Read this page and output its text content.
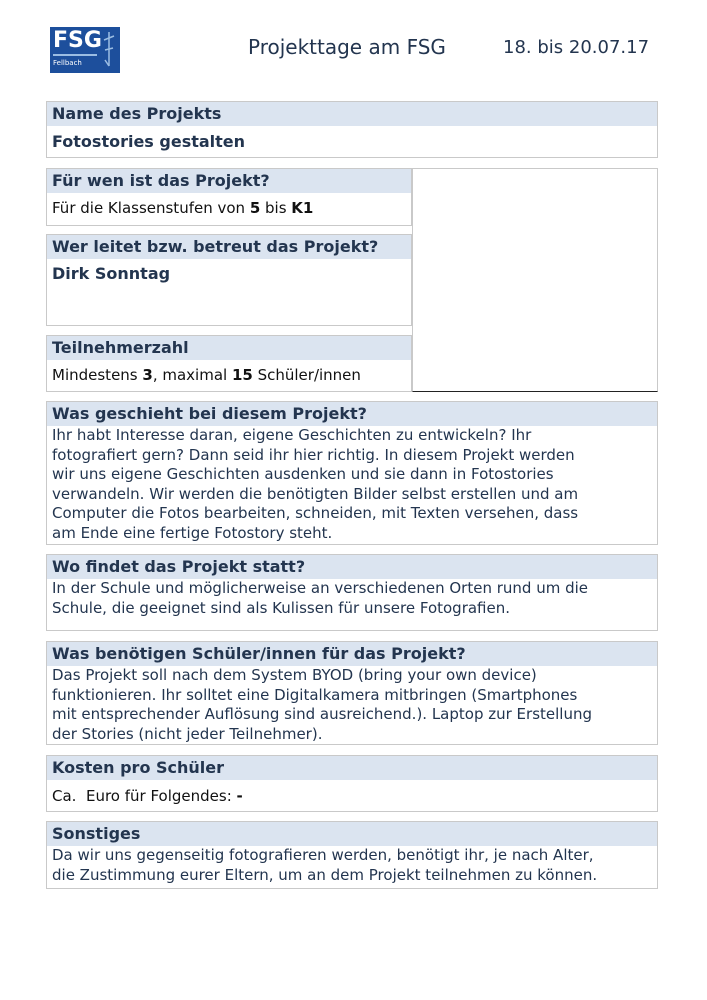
FSG
Fellbach
Projekttage am FSG	18. bis 20.07.17
Name des Projekts
Fotostories gestalten
Für wen ist das Projekt?
Für die Klassenstufen von 5 bis K1
Wer leitet bzw. betreut das Projekt?
Dirk Sonntag
Teilnehmerzahl
Mindestens 3, maximal 15 Schüler/innen
Was geschieht bei diesem Projekt?
Ihr habt Interesse daran, eigene Geschichten zu entwickeln? Ihr
fotografiert gern? Dann seid ihr hier richtig. In diesem Projekt werden
wir uns eigene Geschichten ausdenken und sie dann in Fotostories
verwandeln. Wir werden die benötigten Bilder selbst erstellen und am
Computer die Fotos bearbeiten, schneiden, mit Texten versehen, dass
am Ende eine fertige Fotostory steht.
Wo findet das Projekt statt?
In der Schule und möglicherweise an verschiedenen Orten rund um die
Schule, die geeignet sind als Kulissen für unsere Fotografien.
Was benötigen Schüler/innen für das Projekt?
Das Projekt soll nach dem System BYOD (bring your own device)
funktionieren. Ihr solltet eine Digitalkamera mitbringen (Smartphones
mit entsprechender Auflösung sind ausreichend.). Laptop zur Erstellung
der Stories (nicht jeder Teilnehmer).
Kosten pro Schüler
Ca.  Euro für Folgendes: -
Sonstiges
Da wir uns gegenseitig fotografieren werden, benötigt ihr, je nach Alter,
die Zustimmung eurer Eltern, um an dem Projekt teilnehmen zu können.
